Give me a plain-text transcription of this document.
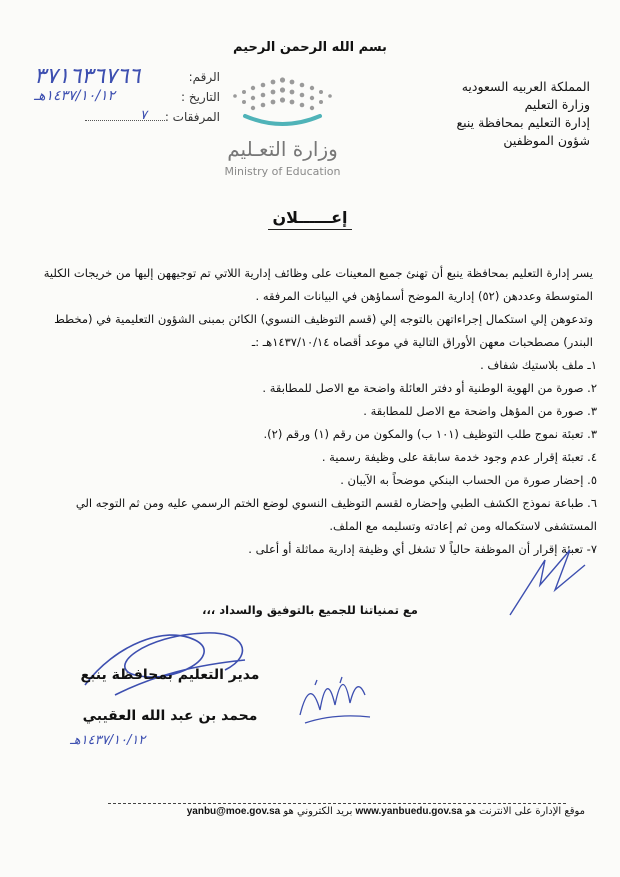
بسم الله الرحمن الرحيم
المملكة العربيه السعوديه
وزارة التعليم
إدارة التعليم بمحافظة ينبع
شؤون الموظفين
الرقم:
٣٧١٦٣٦٧٦٦
التاريخ :
١٤٣٧/١٠/١٢هـ
المرفقات :
٧
وزارة التعـليم
Ministry of Education
إعــــــلان

يسر إدارة التعليم بمحافظة ينبع أن تهنئ جميع المعينات على وظائف إدارية اللاتي تم توجيههن إليها من خريجات الكلية المتوسطة وعددهن (٥٢) إدارية الموضح أسماؤهن في البيانات المرفقه .

وتدعوهن إلي استكمال إجراءاتهن بالتوجه إلي (قسم التوظيف النسوي) الكائن بمبنى الشؤون التعليمية في (مخطط البندر) مصطحبات معهن الأوراق التالية في موعد أقصاه ١٤٣٧/١٠/١٤هـ :ـ

١ـ ملف بلاستيك شفاف .

٢. صورة من الهوية الوطنية أو دفتر العائلة واضحة مع الاصل للمطابقة .

٣. صورة من المؤهل واضحة مع الاصل للمطابقة .

٣. تعبئة نموج طلب التوظيف (١٠١ ب) والمكون من رقم (١) ورقم (٢).

٤. تعبئة إقرار عدم وجود خدمة سابقة على وظيفة رسمية .

٥. إحضار صورة من الحساب البنكي موضحاً به الآيبان .

٦. طباعة نموذج الكشف الطبي وإحضاره لقسم التوظيف النسوي لوضع الختم الرسمي عليه ومن ثم التوجه الي المستشفى لاستكماله ومن ثم إعادته وتسليمه مع الملف.

٧- تعبئة إقرار أن الموظفة حالياً لا تشغل أي وظيفة إدارية مماثلة أو أعلى .

مع تمنياتنا للجميع بالتوفيق والسداد ،،،
مدير التعليم بمحافظة ينبع
محمد بن عبد الله العقيبي
١٤٣٧/١٠/١٢هـ
موقع الإدارة على الانترنت هو www.yanbuedu.gov.sa بريد الكتروني هو yanbu@moe.gov.sa
